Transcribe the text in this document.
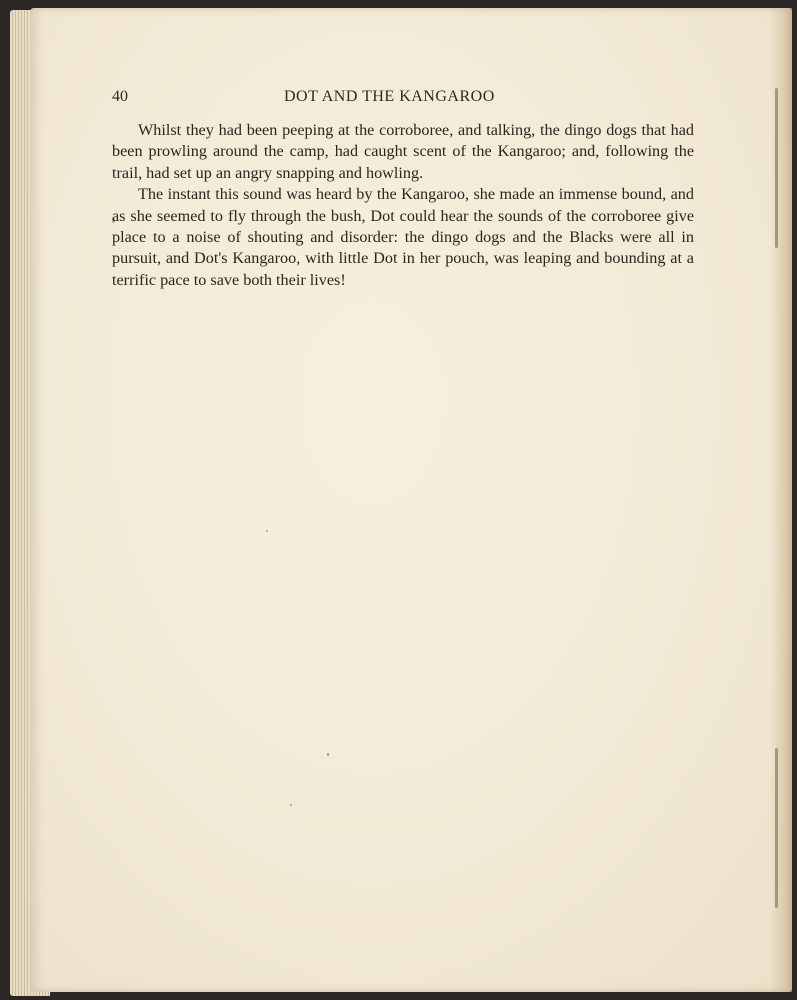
40	DOT AND THE KANGAROO

Whilst they had been peeping at the corroboree, and talking, the dingo dogs that had been prowling around the camp, had caught scent of the Kangaroo; and, following the trail, had set up an angry snapping and howling.

The instant this sound was heard by the Kangaroo, she made an immense bound, and as she seemed to fly through the bush, Dot could hear the sounds of the corroboree give place to a noise of shouting and disorder: the dingo dogs and the Blacks were all in pursuit, and Dot's Kangaroo, with little Dot in her pouch, was leaping and bounding at a terrific pace to save both their lives!
